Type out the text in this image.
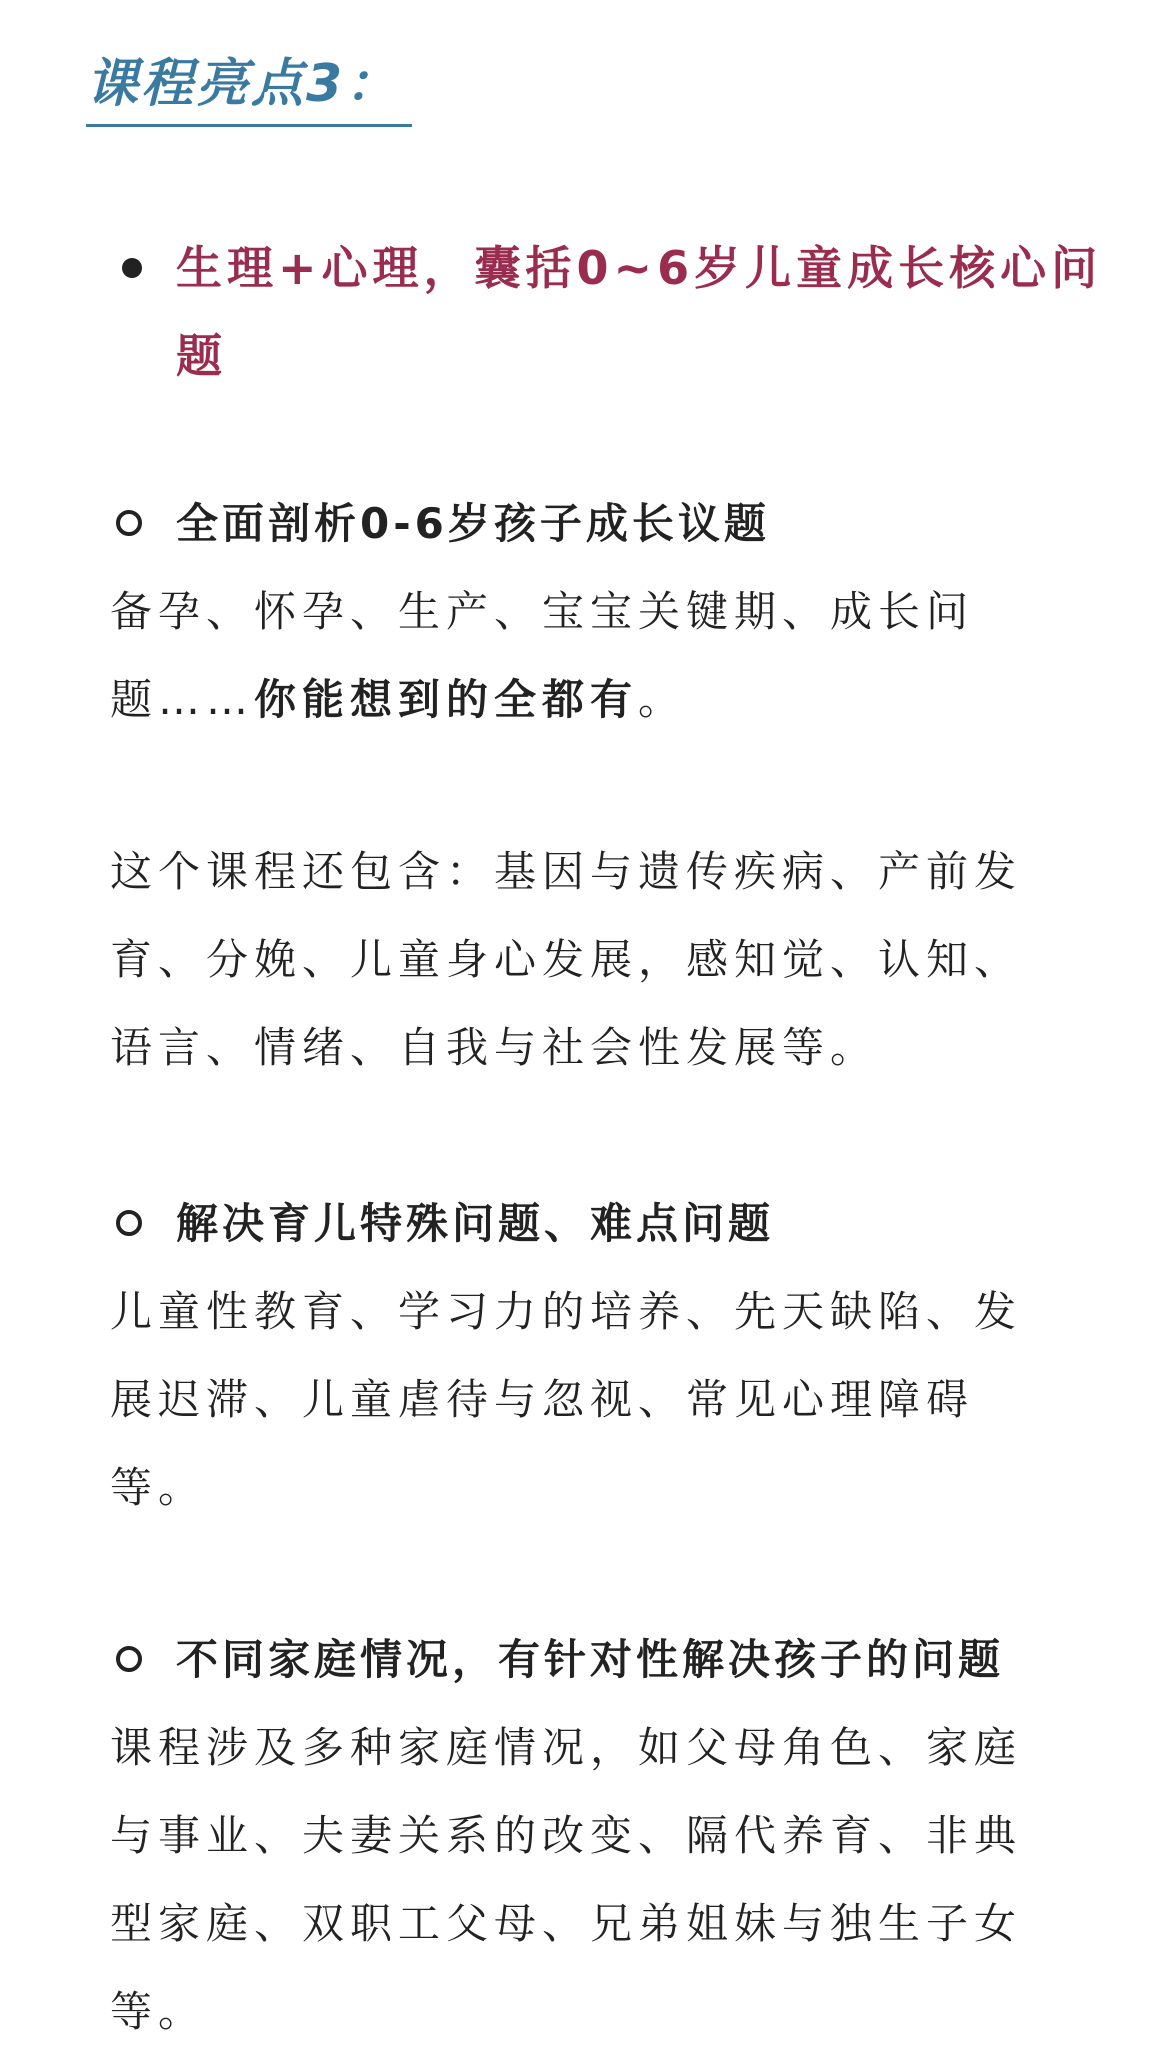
课程亮点3：

生理+心理，囊括0~6岁儿童成长核心问题

全面剖析0-6岁孩子成长议题

备孕、怀孕、生产、宝宝关键期、成长问
题……你能想到的全都有。

这个课程还包含：基因与遗传疾病、产前发
育、分娩、儿童身心发展，感知觉、认知、
语言、情绪、自我与社会性发展等。

解决育儿特殊问题、难点问题

儿童性教育、学习力的培养、先天缺陷、发
展迟滞、儿童虐待与忽视、常见心理障碍
等。

不同家庭情况，有针对性解决孩子的问题

课程涉及多种家庭情况，如父母角色、家庭
与事业、夫妻关系的改变、隔代养育、非典
型家庭、双职工父母、兄弟姐妹与独生子女
等。
